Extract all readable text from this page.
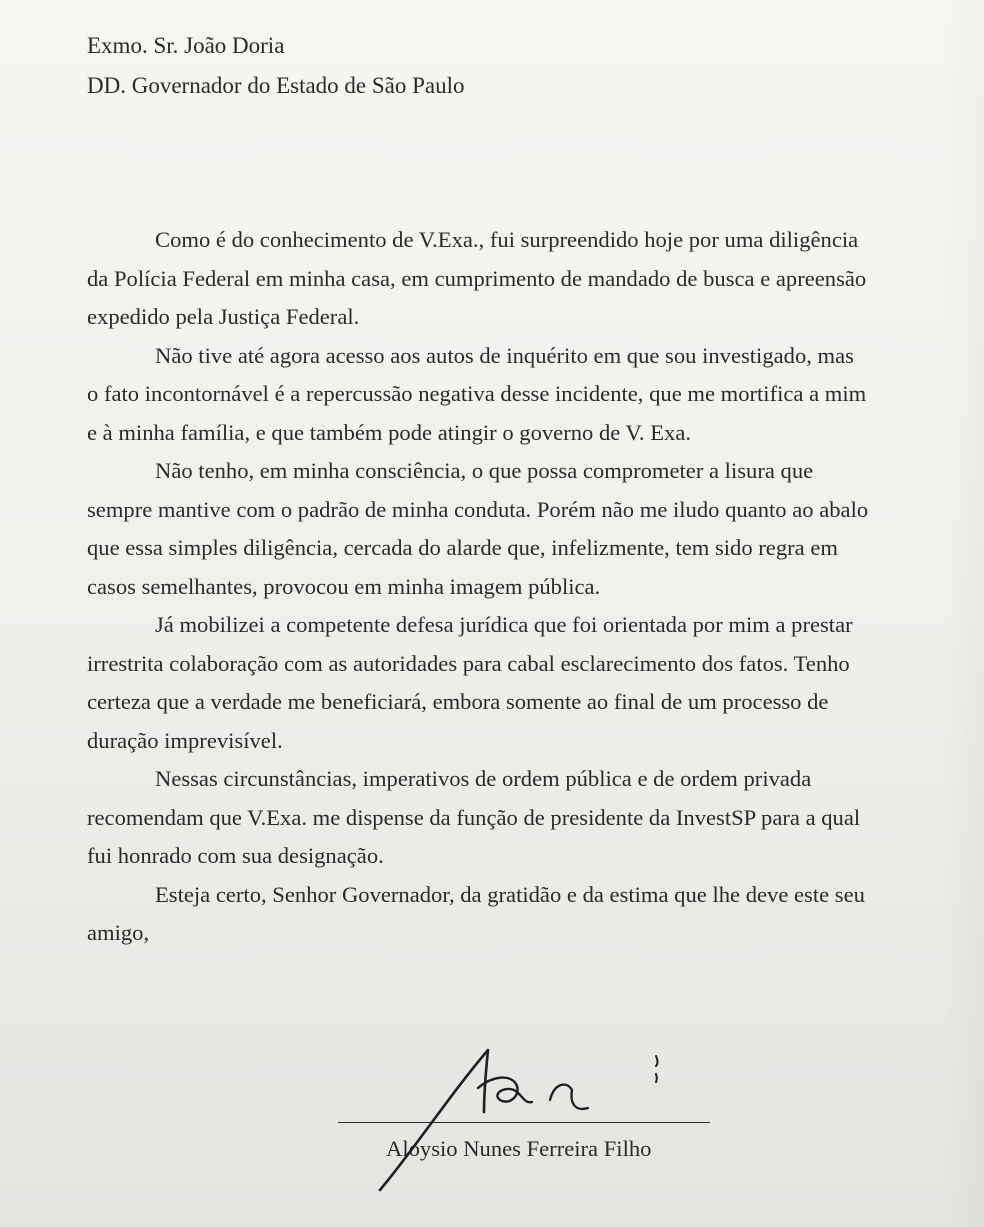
Exmo. Sr. João Doria
DD. Governador do Estado de São Paulo

Como é do conhecimento de V.Exa., fui surpreendido hoje por uma diligência
da Polícia Federal em minha casa, em cumprimento de mandado de busca e apreensão
expedido pela Justiça Federal.

Não tive até agora acesso aos autos de inquérito em que sou investigado, mas
o fato incontornável é a repercussão negativa desse incidente, que me mortifica a mim
e à minha família, e que também pode atingir o governo de V. Exa.

Não tenho, em minha consciência, o que possa comprometer a lisura que
sempre mantive com o padrão de minha conduta. Porém não me iludo quanto ao abalo
que essa simples diligência, cercada do alarde que, infelizmente, tem sido regra em
casos semelhantes, provocou em minha imagem pública.

Já mobilizei a competente defesa jurídica que foi orientada por mim a prestar
irrestrita colaboração com as autoridades para cabal esclarecimento dos fatos. Tenho
certeza que a verdade me beneficiará, embora somente ao final de um processo de
duração imprevisível.

Nessas circunstâncias, imperativos de ordem pública e de ordem privada
recomendam que V.Exa. me dispense da função de presidente da InvestSP para a qual
fui honrado com sua designação.

Esteja certo, Senhor Governador, da gratidão e da estima que lhe deve este seu
amigo,

Aloysio Nunes Ferreira Filho
